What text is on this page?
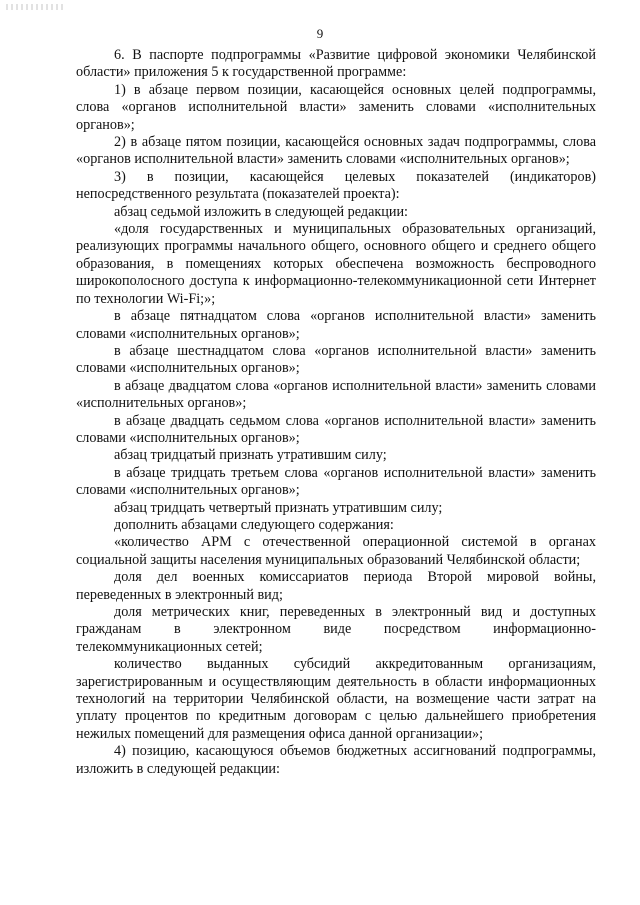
9

6. В паспорте подпрограммы «Развитие цифровой экономики Челябинской области» приложения 5 к государственной программе:

1) в абзаце первом позиции, касающейся основных целей подпрограммы, слова «органов исполнительной власти» заменить словами «исполнительных органов»;

2) в абзаце пятом позиции, касающейся основных задач подпрограммы, слова «органов исполнительной власти» заменить словами «исполнительных органов»;

3) в позиции, касающейся целевых показателей (индикаторов) непосредственного результата (показателей проекта):

абзац седьмой изложить в следующей редакции:

«доля государственных и муниципальных образовательных организаций, реализующих программы начального общего, основного общего и среднего общего образования, в помещениях которых обеспечена возможность беспроводного широкополосного доступа к информационно-телекоммуникационной сети Интернет по технологии Wi-Fi;»;

в абзаце пятнадцатом слова «органов исполнительной власти» заменить словами «исполнительных органов»;

в абзаце шестнадцатом слова «органов исполнительной власти» заменить словами «исполнительных органов»;

в абзаце двадцатом слова «органов исполнительной власти» заменить словами «исполнительных органов»;

в абзаце двадцать седьмом слова «органов исполнительной власти» заменить словами «исполнительных органов»;

абзац тридцатый признать утратившим силу;

в абзаце тридцать третьем слова «органов исполнительной власти» заменить словами «исполнительных органов»;

абзац тридцать четвертый признать утратившим силу;

дополнить абзацами следующего содержания:

«количество АРМ с отечественной операционной системой в органах социальной защиты населения муниципальных образований Челябинской области;

доля дел военных комиссариатов периода Второй мировой войны, переведенных в электронный вид;

доля метрических книг, переведенных в электронный вид и доступных гражданам в электронном виде посредством информационно-телекоммуникационных сетей;

количество выданных субсидий аккредитованным организациям, зарегистрированным и осуществляющим деятельность в области информационных технологий на территории Челябинской области, на возмещение части затрат на уплату процентов по кредитным договорам с целью дальнейшего приобретения нежилых помещений для размещения офиса данной организации»;

4) позицию, касающуюся объемов бюджетных ассигнований подпрограммы, изложить в следующей редакции:
